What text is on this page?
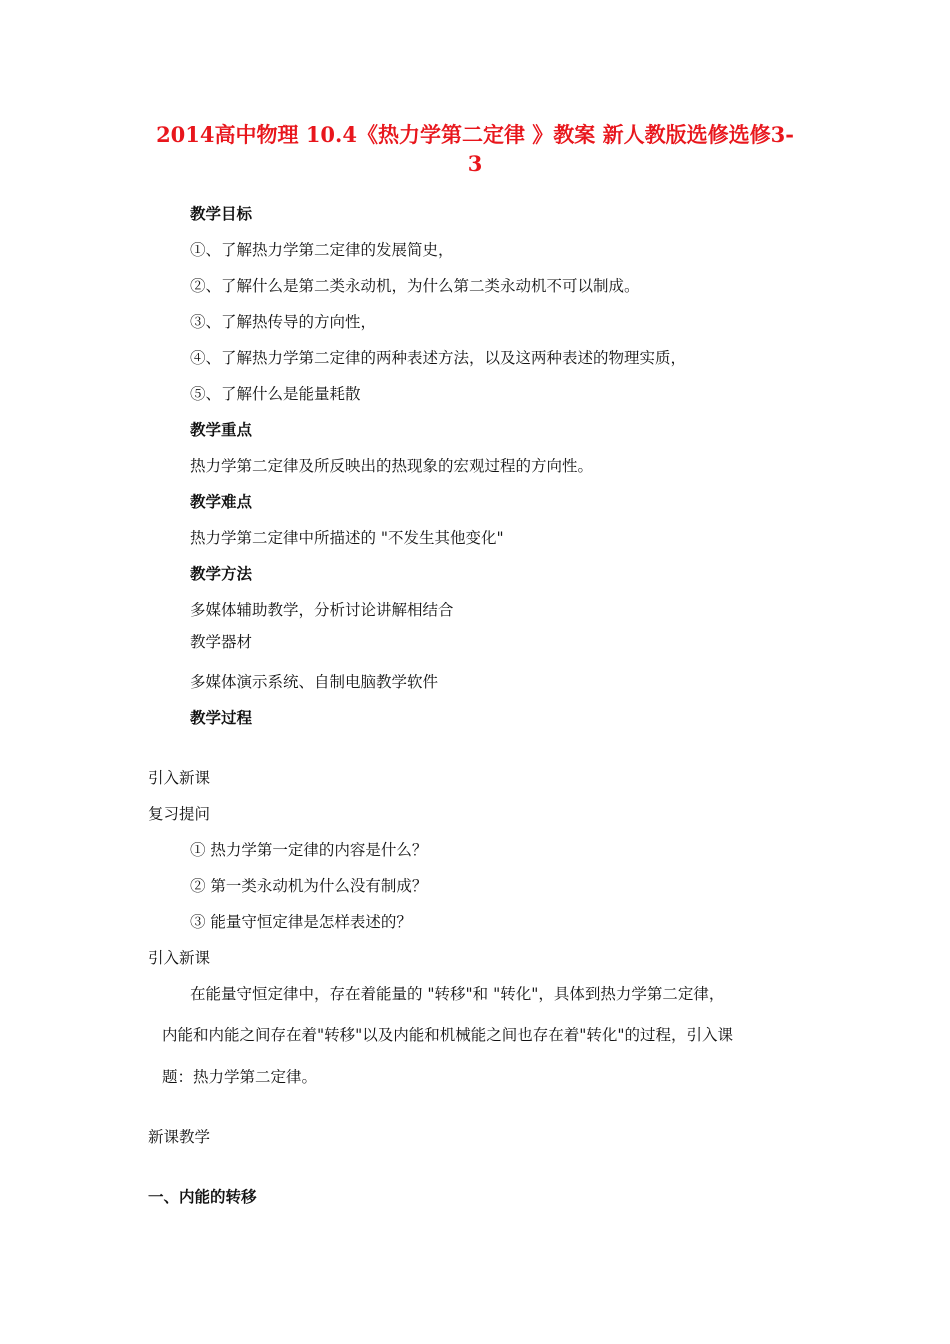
2014高中物理 10.4《热力学第二定律 》教案 新人教版选修选修3-3
教学目标
①、了解热力学第二定律的发展简史，
②、了解什么是第二类永动机，为什么第二类永动机不可以制成。
③、了解热传导的方向性，
④、了解热力学第二定律的两种表述方法，以及这两种表述的物理实质，
⑤、了解什么是能量耗散
教学重点
热力学第二定律及所反映出的热现象的宏观过程的方向性。
教学难点
热力学第二定律中所描述的 "不发生其他变化"
教学方法
多媒体辅助教学，分析讨论讲解相结合
教学器材
多媒体演示系统、自制电脑教学软件
教学过程
引入新课
复习提问
① 热力学第一定律的内容是什么？
② 第一类永动机为什么没有制成？
③ 能量守恒定律是怎样表述的？
引入新课
在能量守恒定律中，存在着能量的 "转移"和 "转化"，具体到热力学第二定律，
内能和内能之间存在着"转移"以及内能和机械能之间也存在着"转化"的过程，引入课
题：热力学第二定律。
新课教学
一、内能的转移
